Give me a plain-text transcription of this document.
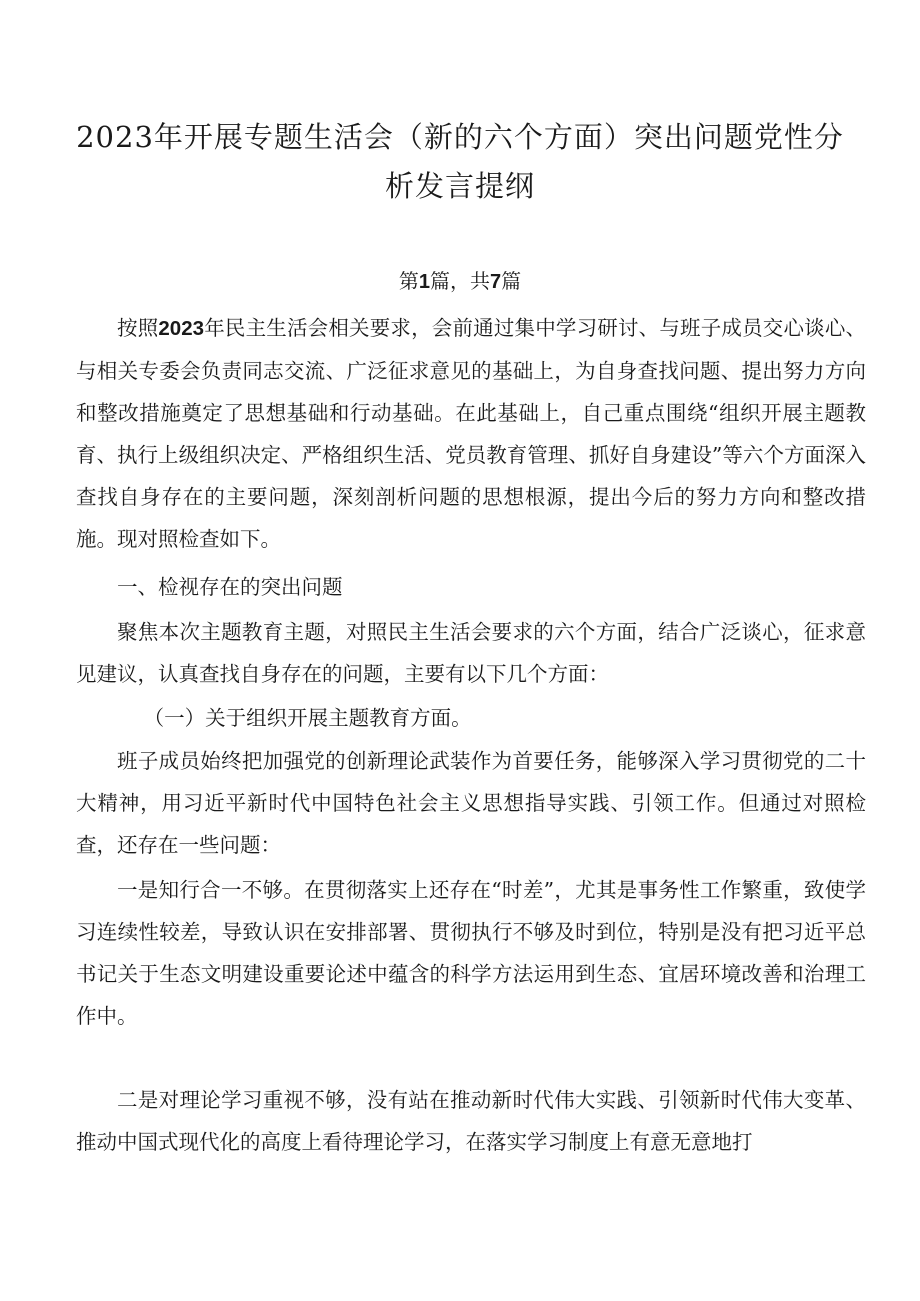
2023年开展专题生活会（新的六个方面）突出问题党性分
析发言提纲
第1篇，共7篇

按照2023年民主生活会相关要求，会前通过集中学习研讨、与班子成员交心谈心、与相关专委会负责同志交流、广泛征求意见的基础上，为自身查找问题、提出努力方向和整改措施奠定了思想基础和行动基础。在此基础上，自己重点围绕“组织开展主题教育、执行上级组织决定、严格组织生活、党员教育管理、抓好自身建设”等六个方面深入查找自身存在的主要问题，深刻剖析问题的思想根源，提出今后的努力方向和整改措施。现对照检查如下。

一、检视存在的突出问题

聚焦本次主题教育主题，对照民主生活会要求的六个方面，结合广泛谈心，征求意见建议，认真查找自身存在的问题，主要有以下几个方面：

（一）关于组织开展主题教育方面。

班子成员始终把加强党的创新理论武装作为首要任务，能够深入学习贯彻党的二十大精神，用习近平新时代中国特色社会主义思想指导实践、引领工作。但通过对照检查，还存在一些问题：

一是知行合一不够。在贯彻落实上还存在“时差”，尤其是事务性工作繁重，致使学习连续性较差，导致认识在安排部署、贯彻执行不够及时到位，特别是没有把习近平总书记关于生态文明建设重要论述中蕴含的科学方法运用到生态、宜居环境改善和治理工作中。

二是对理论学习重视不够，没有站在推动新时代伟大实践、引领新时代伟大变革、推动中国式现代化的高度上看待理论学习，在落实学习制度上有意无意地打
